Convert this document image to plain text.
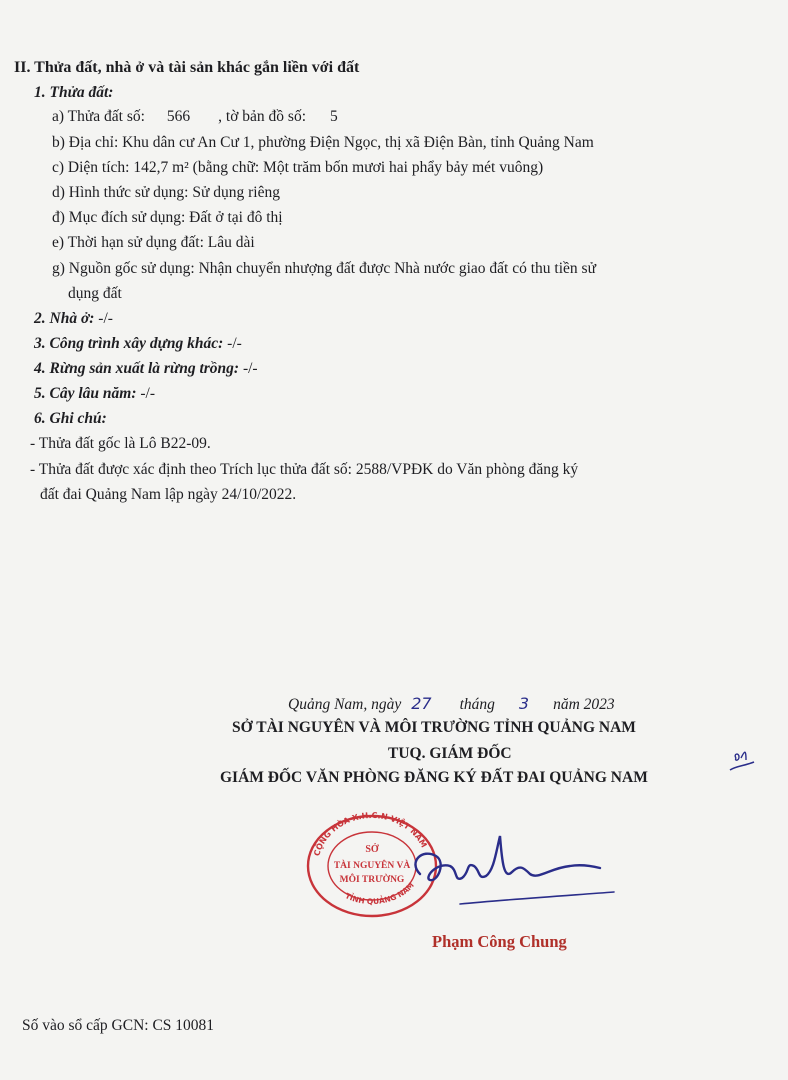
II. Thửa đất, nhà ở và tài sản khác gắn liền với đất
1. Thửa đất:
a) Thửa đất số: 566 , tờ bản đồ số: 5
b) Địa chỉ: Khu dân cư An Cư 1, phường Điện Ngọc, thị xã Điện Bàn, tỉnh Quảng Nam
c) Diện tích: 142,7 m² (bằng chữ: Một trăm bốn mươi hai phẩy bảy mét vuông)
d) Hình thức sử dụng: Sử dụng riêng
đ) Mục đích sử dụng: Đất ở tại đô thị
e) Thời hạn sử dụng đất: Lâu dài
g) Nguồn gốc sử dụng: Nhận chuyển nhượng đất được Nhà nước giao đất có thu tiền sử
dụng đất
2. Nhà ở: -/-
3. Công trình xây dựng khác: -/-
4. Rừng sản xuất là rừng trồng: -/-
5. Cây lâu năm: -/-
6. Ghi chú:
- Thửa đất gốc là Lô B22-09.
- Thửa đất được xác định theo Trích lục thửa đất số: 2588/VPĐK do Văn phòng đăng ký
đất đai Quảng Nam lập ngày 24/10/2022.
Quảng Nam, ngày 27 tháng 3 năm 2023
SỞ TÀI NGUYÊN VÀ MÔI TRƯỜNG TỈNH QUẢNG NAM
TUQ. GIÁM ĐỐC
GIÁM ĐỐC VĂN PHÒNG ĐĂNG KÝ ĐẤT ĐAI QUẢNG NAM
CỘNG HÒA X.H.C.N VIỆT NAM
TỈNH QUẢNG NAM
SỞ
TÀI NGUYÊN VÀ
MÔI TRƯỜNG
Phạm Công Chung
Số vào sổ cấp GCN: CS 10081
